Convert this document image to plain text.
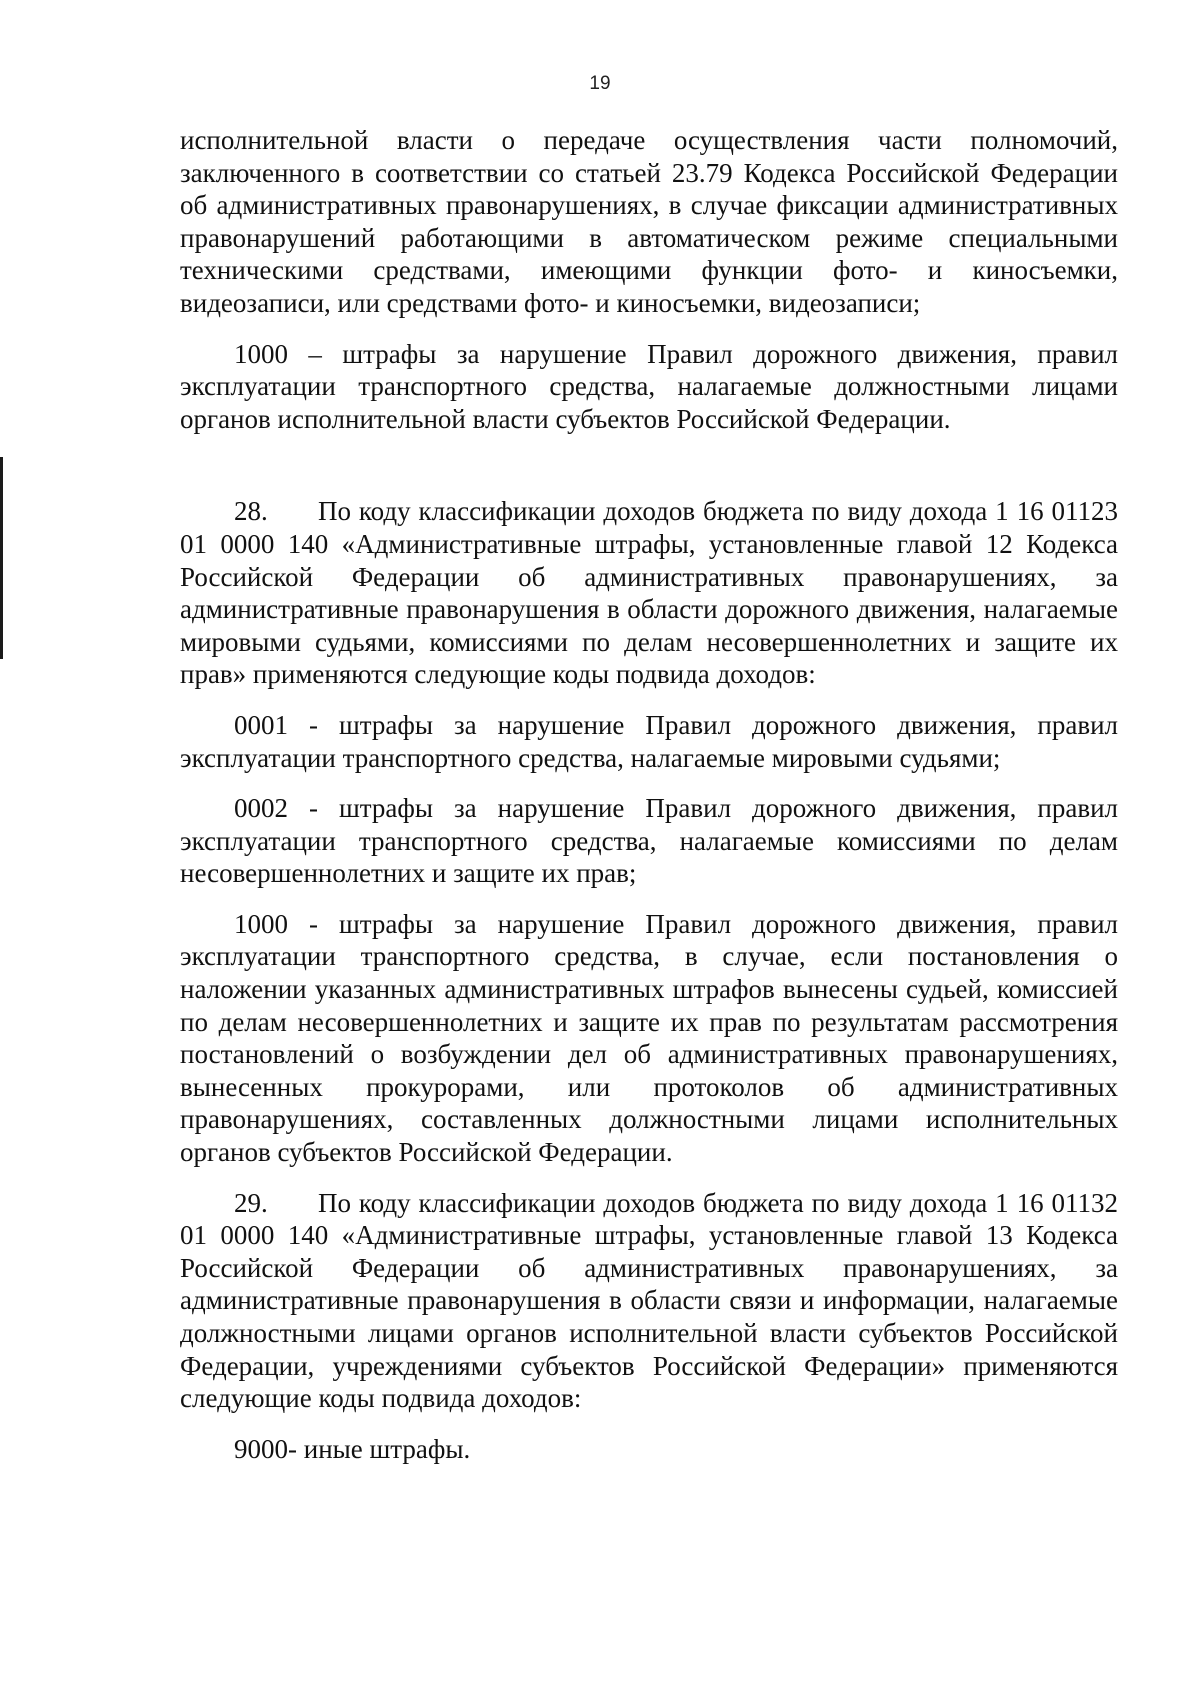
19

исполнительной власти о передаче осуществления части полномочий, заключенного в соответствии со статьей 23.79 Кодекса Российской Федерации об административных правонарушениях, в случае фиксации административных правонарушений работающими в автоматическом режиме специальными техническими средствами, имеющими функции фото- и киносъемки, видеозаписи, или средствами фото- и киносъемки, видеозаписи;

1000 – штрафы за нарушение Правил дорожного движения, правил эксплуатации транспортного средства, налагаемые должностными лицами органов исполнительной власти субъектов Российской Федерации.

28. По коду классификации доходов бюджета по виду дохода 1 16 01123 01 0000 140 «Административные штрафы, установленные главой 12 Кодекса Российской Федерации об административных правонарушениях, за административные правонарушения в области дорожного движения, налагаемые мировыми судьями, комиссиями по делам несовершеннолетних и защите их прав» применяются следующие коды подвида доходов:

0001 - штрафы за нарушение Правил дорожного движения, правил эксплуатации транспортного средства, налагаемые мировыми судьями;

0002 - штрафы за нарушение Правил дорожного движения, правил эксплуатации транспортного средства, налагаемые комиссиями по делам несовершеннолетних и защите их прав;

1000 - штрафы за нарушение Правил дорожного движения, правил эксплуатации транспортного средства, в случае, если постановления о наложении указанных административных штрафов вынесены судьей, комиссией по делам несовершеннолетних и защите их прав по результатам рассмотрения постановлений о возбуждении дел об административных правонарушениях, вынесенных прокурорами, или протоколов об административных правонарушениях, составленных должностными лицами исполнительных органов субъектов Российской Федерации.

29. По коду классификации доходов бюджета по виду дохода 1 16 01132 01 0000 140 «Административные штрафы, установленные главой 13 Кодекса Российской Федерации об административных правонарушениях, за административные правонарушения в области связи и информации, налагаемые должностными лицами органов исполнительной власти субъектов Российской Федерации, учреждениями субъектов Российской Федерации» применяются следующие коды подвида доходов:

9000- иные штрафы.
